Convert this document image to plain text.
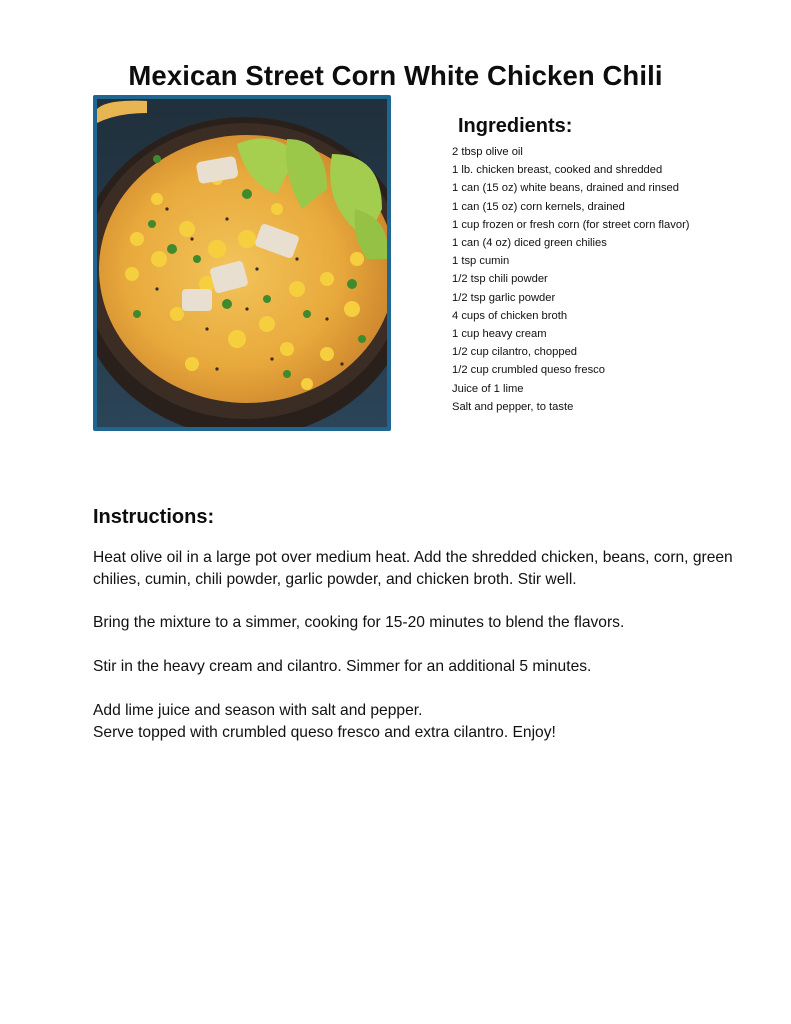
Mexican Street Corn White Chicken Chili
Ingredients:
2 tbsp olive oil
1 lb. chicken breast, cooked and shredded
1 can (15 oz) white beans, drained and rinsed
1 can (15 oz) corn kernels, drained
1 cup frozen or fresh corn (for street corn flavor)
1 can (4 oz) diced green chilies
1 tsp cumin
1/2 tsp chili powder
1/2 tsp garlic powder
4 cups of chicken broth
1 cup heavy cream
1/2 cup cilantro, chopped
1/2 cup crumbled queso fresco
Juice of 1 lime
Salt and pepper, to taste
Instructions:

Heat olive oil in a large pot over medium heat. Add the shredded chicken, beans, corn, green chilies, cumin, chili powder, garlic powder, and chicken broth. Stir well.

Bring the mixture to a simmer, cooking for 15-20 minutes to blend the flavors.

Stir in the heavy cream and cilantro. Simmer for an additional 5 minutes.

Add lime juice and season with salt and pepper.

Serve topped with crumbled queso fresco and extra cilantro. Enjoy!
